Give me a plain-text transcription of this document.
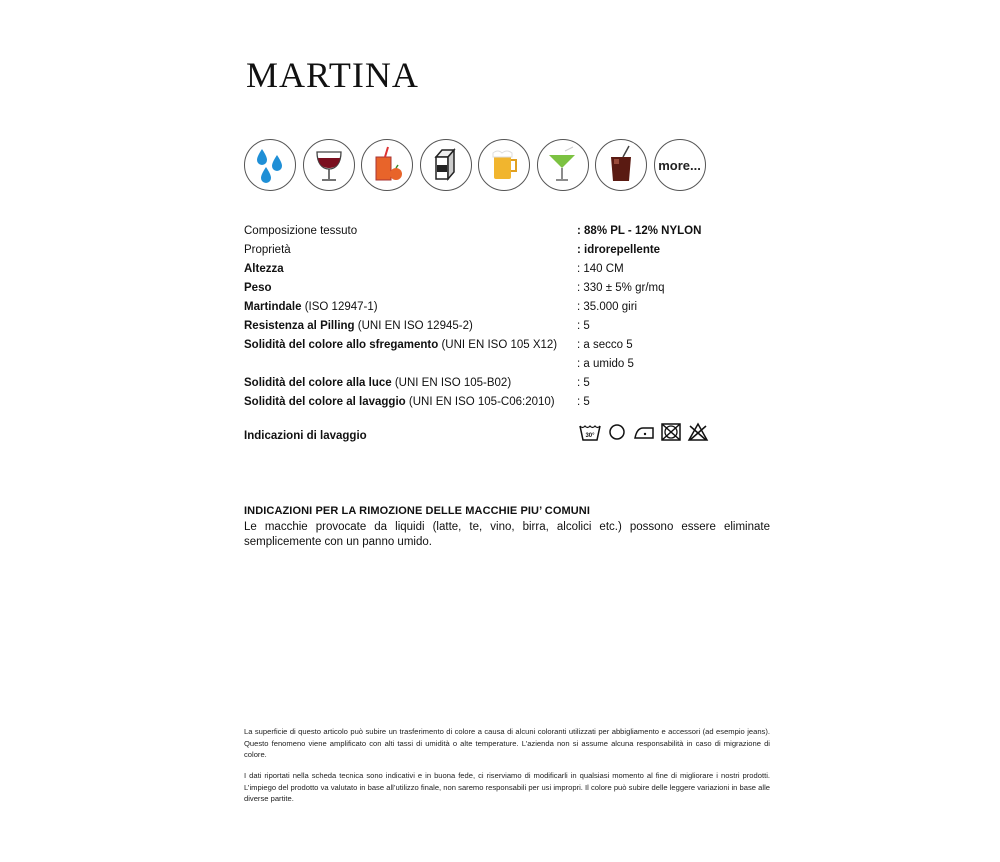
MARTINA
more...
Composizione tessuto	: 88% PL - 12% NYLON
Proprietà	: idrorepellente
Altezza	: 140 CM
Peso	: 330 ± 5% gr/mq
Martindale (ISO 12947-1)	: 35.000 giri
Resistenza al Pilling (UNI EN ISO 12945-2)	: 5
Solidità del colore allo sfregamento (UNI EN ISO 105 X12) : a secco 5
: a umido 5
Solidità del colore alla luce (UNI EN ISO 105-B02)	: 5
Solidità del colore al lavaggio (UNI EN ISO 105-C06:2010) : 5
Indicazioni di lavaggio	30°
INDICAZIONI PER LA RIMOZIONE DELLE MACCHIE PIU’ COMUNI
Le macchie provocate da liquidi (latte, te, vino, birra, alcolici etc.) possono essere eliminate semplicemente con un panno umido.
La superficie di questo articolo può subire un trasferimento di colore a causa di alcuni coloranti utilizzati per abbigliamento e accessori (ad esempio jeans). Questo fenomeno viene amplificato con alti tassi di umidità o alte temperature. L’azienda non si assume alcuna responsabilità in caso di migrazione di colore.
I dati riportati nella scheda tecnica sono indicativi e in buona fede, ci riserviamo di modificarli in qualsiasi momento al fine di migliorare i nostri prodotti. L’impiego del prodotto va valutato in base all’utilizzo finale, non saremo responsabili per usi impropri. Il colore può subire delle leggere variazioni in base alle diverse partite.
